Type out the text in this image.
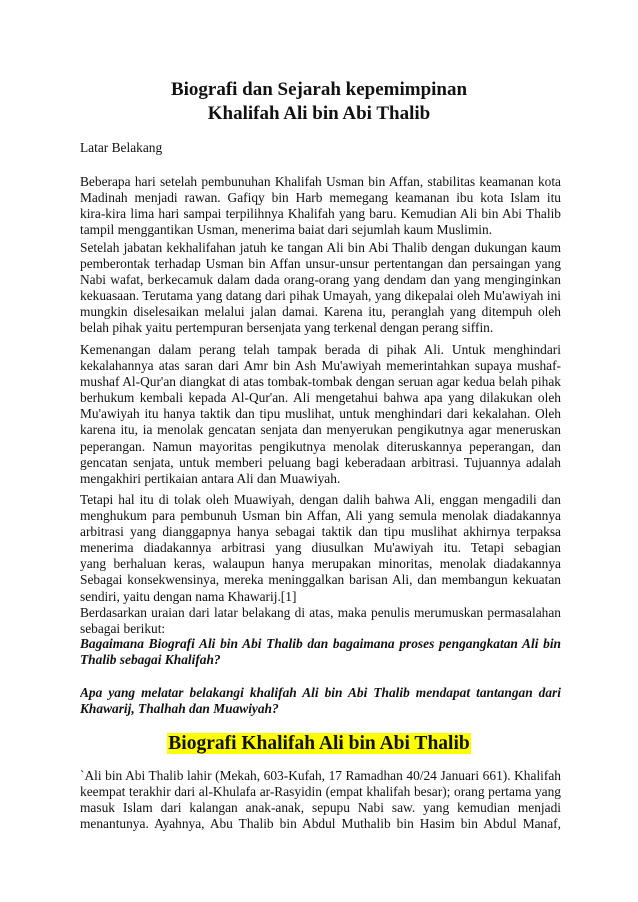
Biografi dan Sejarah kepemimpinan
Khalifah Ali bin Abi Thalib
Latar Belakang
Beberapa hari setelah pembunuhan Khalifah Usman bin Affan, stabilitas keamanan kota
Madinah menjadi rawan. Gafiqy bin Harb memegang keamanan ibu kota Islam itu
kira-kira lima hari sampai terpilihnya Khalifah yang baru. Kemudian Ali bin Abi Thalib
tampil menggantikan Usman, menerima baiat dari sejumlah kaum Muslimin.
Setelah jabatan kekhalifahan jatuh ke tangan Ali bin Abi Thalib dengan dukungan kaum
pemberontak terhadap Usman bin Affan unsur-unsur pertentangan dan persaingan yang
Nabi wafat, berkecamuk dalam dada orang-orang yang dendam dan yang menginginkan
kekuasaan. Terutama yang datang dari pihak Umayah, yang dikepalai oleh Mu'awiyah ini
mungkin diselesaikan melalui jalan damai. Karena itu, peranglah yang ditempuh oleh
belah pihak yaitu pertempuran bersenjata yang terkenal dengan perang siffin.
Kemenangan dalam perang telah tampak berada di pihak Ali. Untuk menghindari
kekalahannya atas saran dari Amr bin Ash Mu'awiyah memerintahkan supaya mushaf-
mushaf Al-Qur'an diangkat di atas tombak-tombak dengan seruan agar kedua belah pihak
berhukum kembali kepada Al-Qur'an. Ali mengetahui bahwa apa yang dilakukan oleh
Mu'awiyah itu hanya taktik dan tipu muslihat, untuk menghindari dari kekalahan. Oleh
karena itu, ia menolak gencatan senjata dan menyerukan pengikutnya agar meneruskan
peperangan. Namun mayoritas pengikutnya menolak diteruskannya peperangan, dan
gencatan senjata, untuk memberi peluang bagi keberadaan arbitrasi. Tujuannya adalah
mengakhiri pertikaian antara Ali dan Muawiyah.
Tetapi hal itu di tolak oleh Muawiyah, dengan dalih bahwa Ali, enggan mengadili dan
menghukum para pembunuh Usman bin Affan, Ali yang semula menolak diadakannya
arbitrasi yang dianggapnya hanya sebagai taktik dan tipu muslihat akhirnya terpaksa
menerima diadakannya arbitrasi yang diusulkan Mu'awiyah itu. Tetapi sebagian
yang berhaluan keras, walaupun hanya merupakan minoritas, menolak diadakannya
Sebagai konsekwensinya, mereka meninggalkan barisan Ali, dan membangun kekuatan
sendiri, yaitu dengan nama Khawarij.[1]
Berdasarkan uraian dari latar belakang di atas, maka penulis merumuskan permasalahan
sebagai berikut:
Bagaimana Biografi Ali bin Abi Thalib dan bagaimana proses pengangkatan Ali bin
Thalib sebagai Khalifah?
Apa yang melatar belakangi khalifah Ali bin Abi Thalib mendapat tantangan dari
Khawarij, Thalhah dan Muawiyah?
Biografi Khalifah Ali bin Abi Thalib
`Ali bin Abi Thalib lahir (Mekah, 603-Kufah, 17 Ramadhan 40/24 Januari 661). Khalifah
keempat terakhir dari al-Khulafa ar-Rasyidin (empat khalifah besar); orang pertama yang
masuk Islam dari kalangan anak-anak, sepupu Nabi saw. yang kemudian menjadi
menantunya. Ayahnya, Abu Thalib bin Abdul Muthalib bin Hasim bin Abdul Manaf,
